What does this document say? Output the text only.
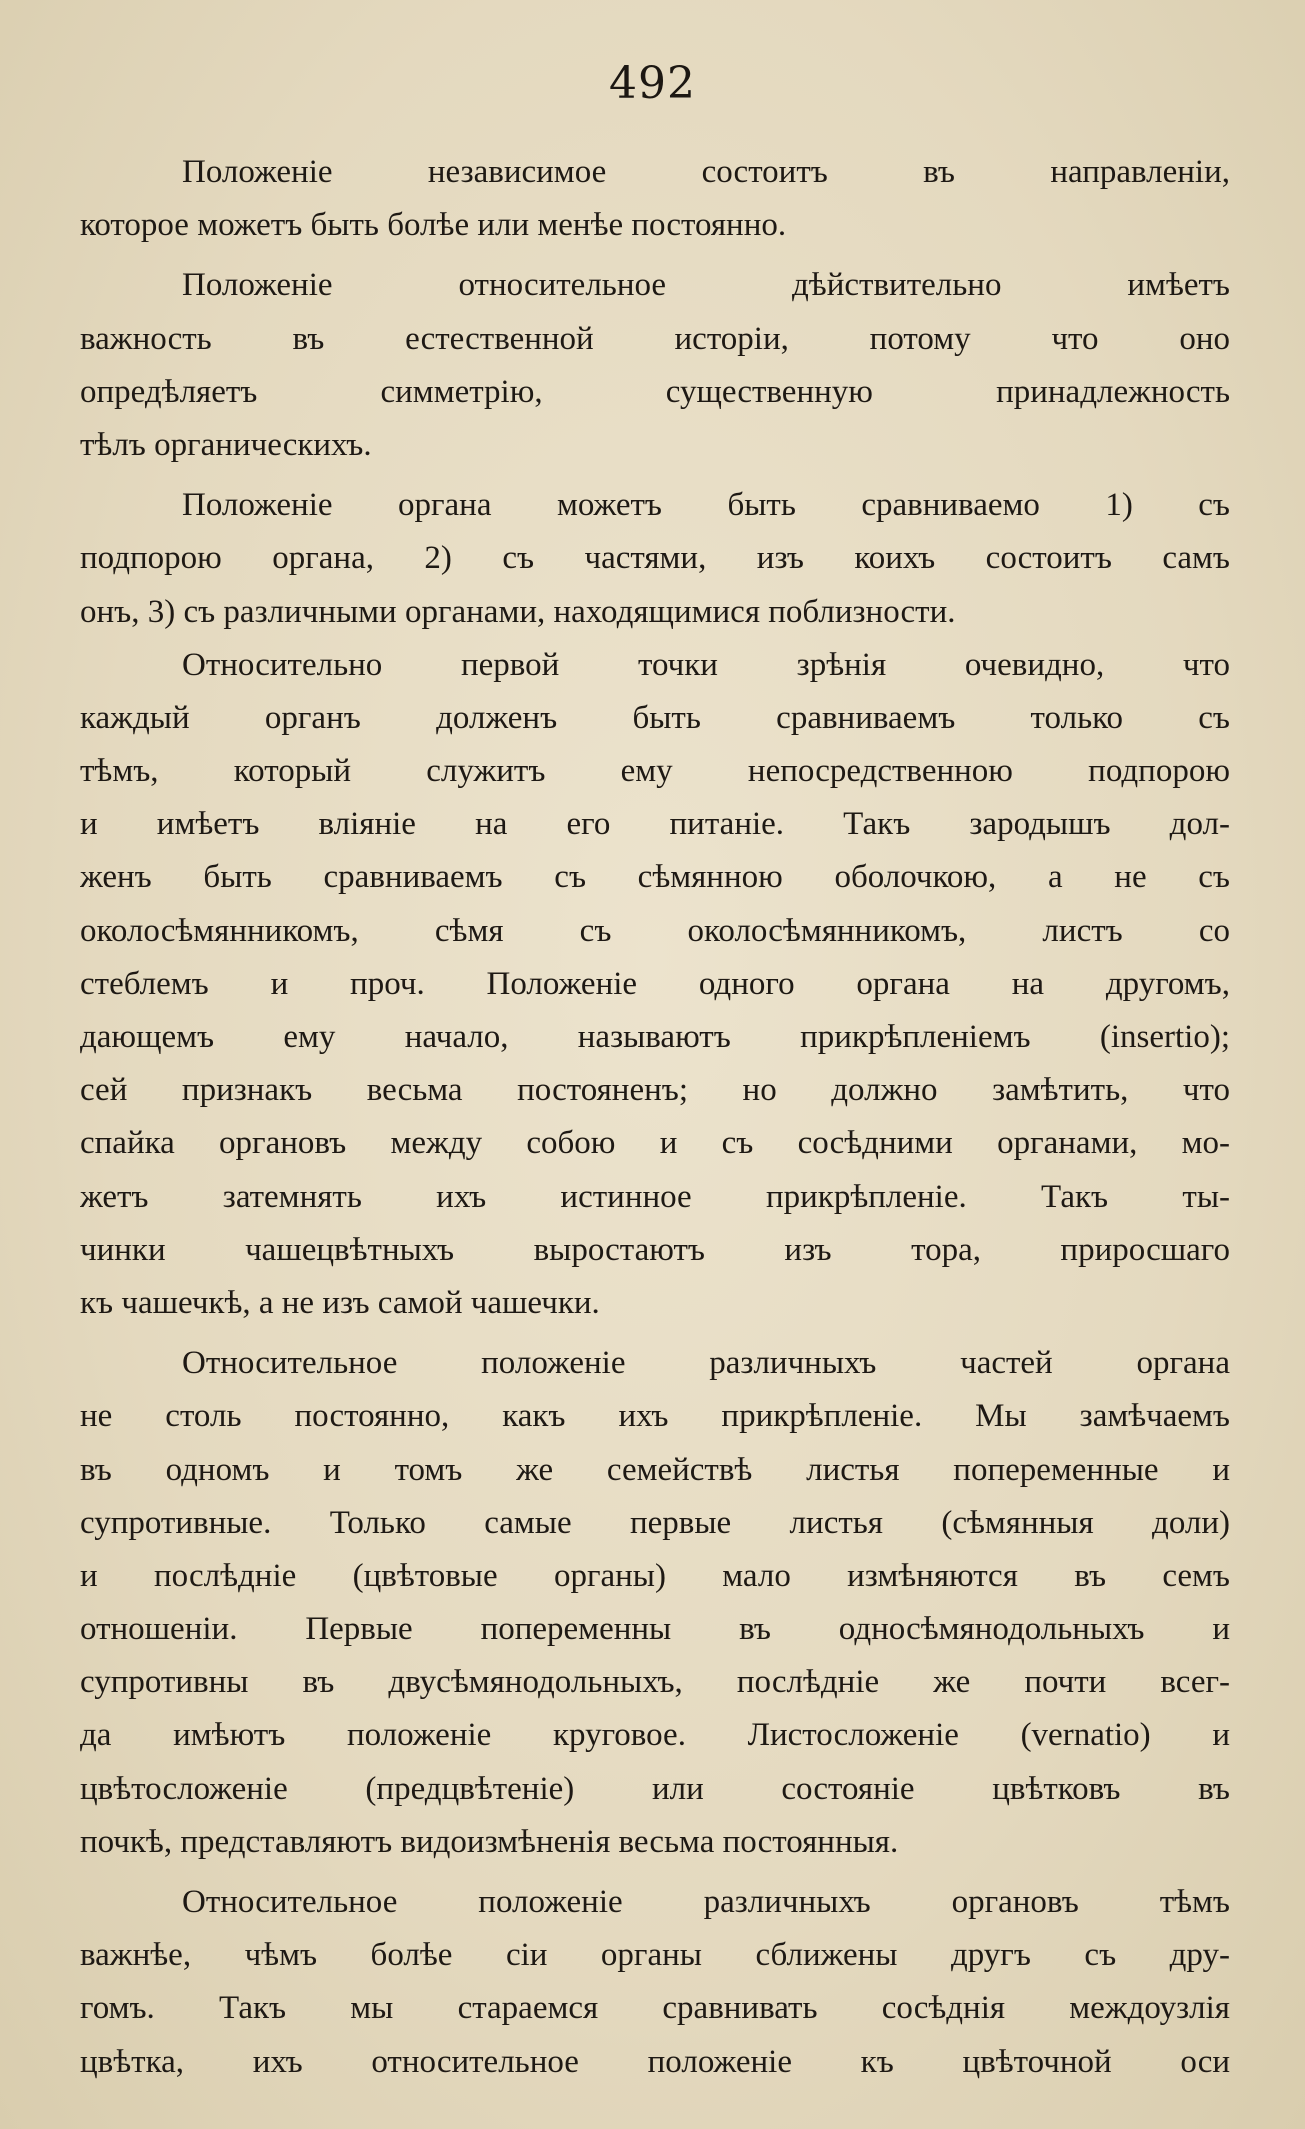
492
Положеніе независимое состоитъ въ направленіи,
которое можетъ быть болѣе или менѣе постоянно.
Положеніе относительное дѣйствительно имѣетъ
важность въ естественной исторіи, потому что оно
опредѣляетъ симметрію, существенную принадлежность
тѣлъ органическихъ.
Положеніе органа можетъ быть сравниваемо 1) съ
подпорою органа, 2) съ частями, изъ коихъ состоитъ самъ
онъ, 3) съ различными органами, находящимися поблизности.
Относительно первой точки зрѣнія очевидно, что
каждый органъ долженъ быть сравниваемъ только съ
тѣмъ, который служитъ ему непосредственною подпорою
и имѣетъ вліяніе на его питаніе. Такъ зародышъ дол-
женъ быть сравниваемъ съ сѣмянною оболочкою, а не съ
околосѣмянникомъ, сѣмя съ околосѣмянникомъ, листъ со
стеблемъ и проч. Положеніе одного органа на другомъ,
дающемъ ему начало, называютъ прикрѣпленіемъ (insertio);
сей признакъ весьма постояненъ; но должно замѣтить, что
спайка органовъ между собою и съ сосѣдними органами, мо-
жетъ затемнять ихъ истинное прикрѣпленіе. Такъ ты-
чинки чашецвѣтныхъ выростаютъ изъ тора, приросшаго
къ чашечкѣ, а не изъ самой чашечки.
Относительное положеніе различныхъ частей органа
не столь постоянно, какъ ихъ прикрѣпленіе. Мы замѣчаемъ
въ одномъ и томъ же семействѣ листья попеременные и
супротивные. Только самые первые листья (сѣмянныя доли)
и послѣдніе (цвѣтовые органы) мало измѣняются въ семъ
отношеніи. Первые попеременны въ односѣмянодольныхъ и
супротивны въ двусѣмянодольныхъ, послѣдніе же почти всег-
да имѣютъ положеніе круговое. Листосложеніе (vernatio) и
цвѣтосложеніе (предцвѣтеніе) или состояніе цвѣтковъ въ
почкѣ, представляютъ видоизмѣненія весьма постоянныя.
Относительное положеніе различныхъ органовъ тѣмъ
важнѣе, чѣмъ болѣе сіи органы сближены другъ съ дру-
гомъ. Такъ мы стараемся сравнивать сосѣднія междоузлія
цвѣтка, ихъ относительное положеніе къ цвѣточной оси
